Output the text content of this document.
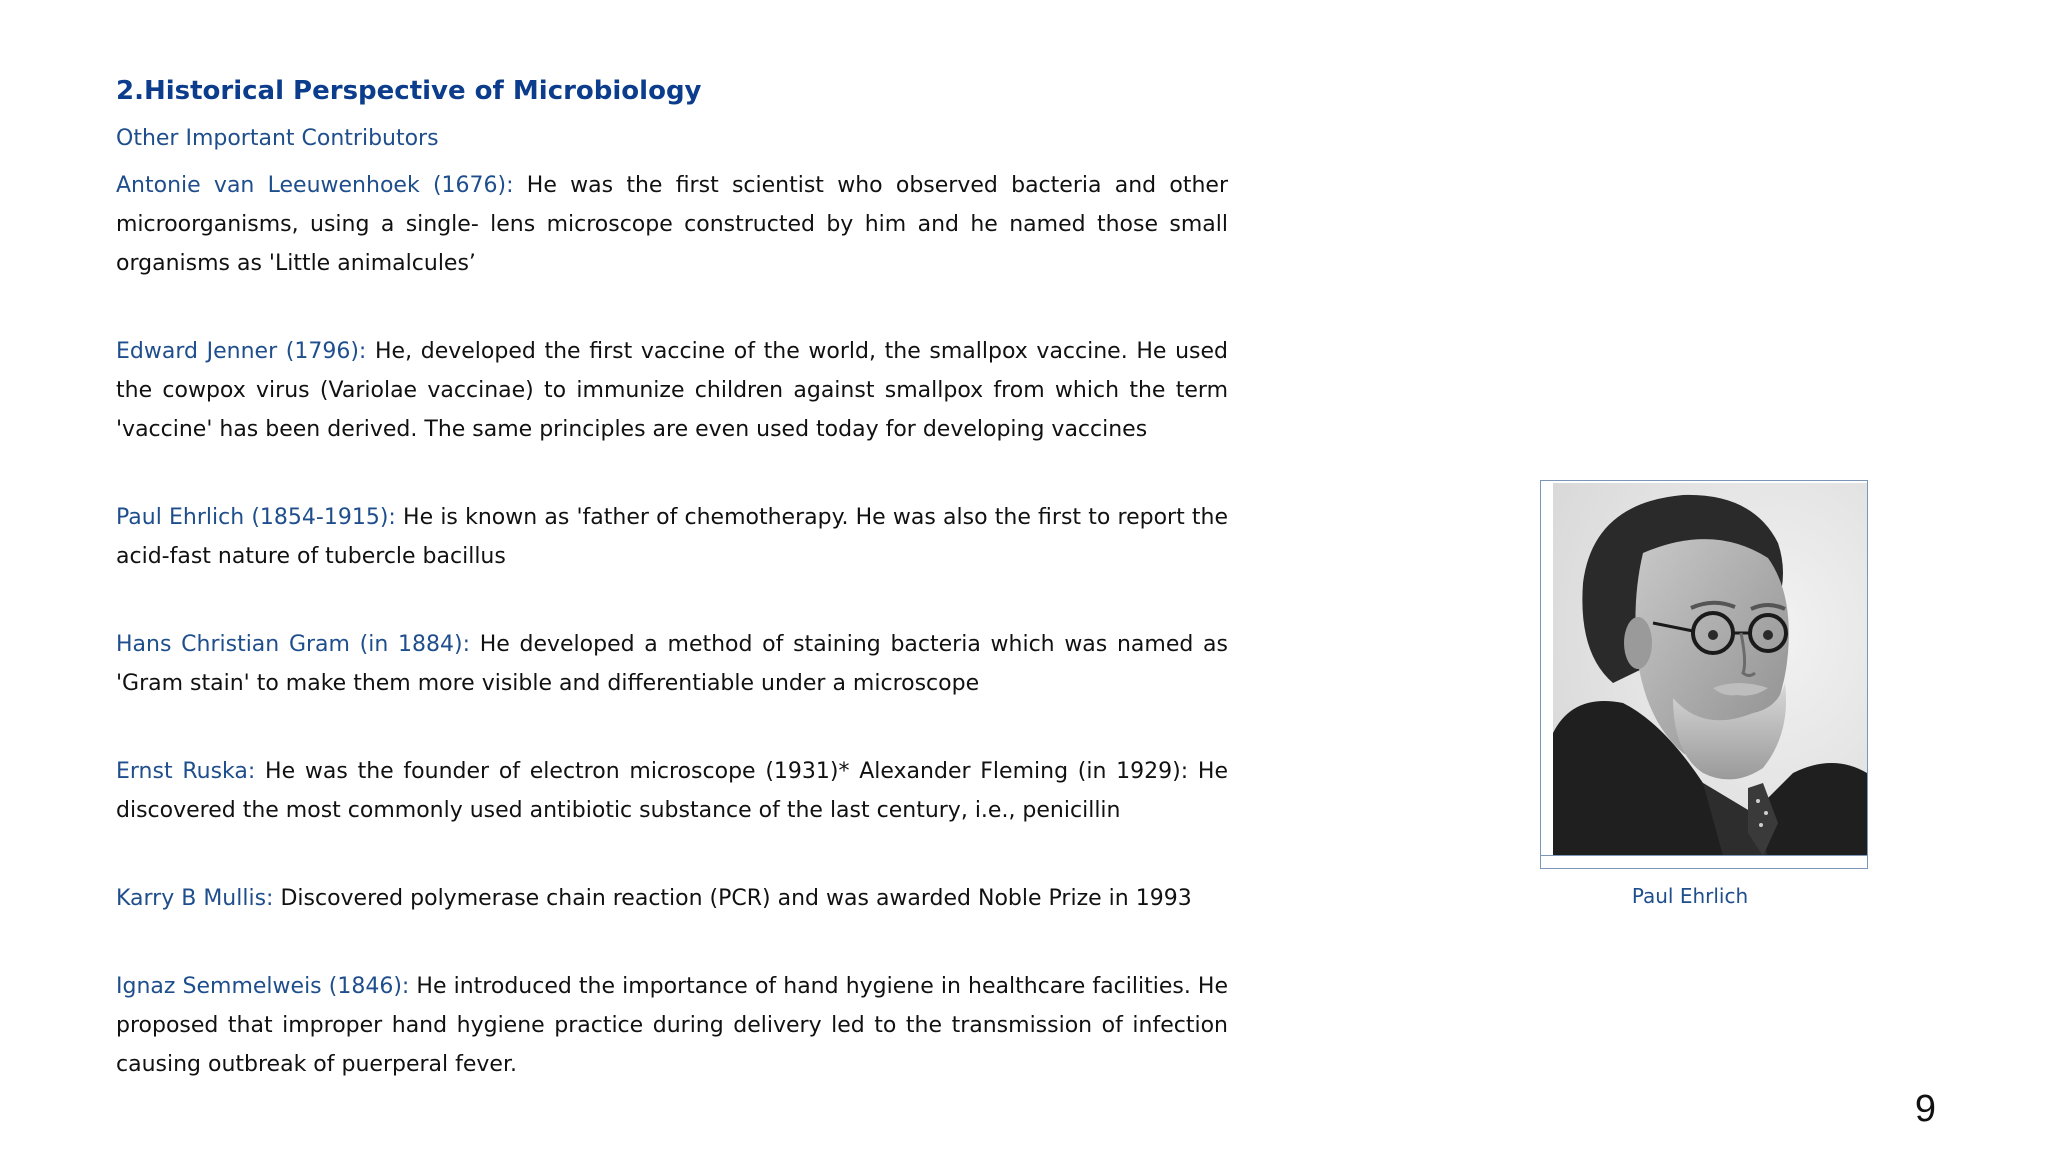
2.Historical Perspective of Microbiology
Other Important Contributors

Antonie van Leeuwenhoek (1676): He was the first scientist who observed bacteria and other microorganisms, using a single- lens microscope constructed by him and he named those small organisms as 'Little animalcules’

Edward Jenner (1796): He, developed the first vaccine of the world, the smallpox vaccine. He used the cowpox virus (Variolae vaccinae) to immunize children against smallpox from which the term 'vaccine' has been derived. The same principles are even used today for developing vaccines

Paul Ehrlich (1854-1915): He is known as 'father of chemotherapy. He was also the first to report the acid-fast nature of tubercle bacillus

Hans Christian Gram (in 1884): He developed a method of staining bacteria which was named as 'Gram stain' to make them more visible and differentiable under a microscope

Ernst Ruska: He was the founder of electron microscope (1931)* Alexander Fleming (in 1929): He discovered the most commonly used antibiotic substance of the last century, i.e., penicillin

Karry B Mullis: Discovered polymerase chain reaction (PCR) and was awarded Noble Prize in 1993

Ignaz Semmelweis (1846): He introduced the importance of hand hygiene in healthcare facilities. He proposed that improper hand hygiene practice during delivery led to the transmission of infection causing outbreak of puerperal fever.

Paul Ehrlich
9
